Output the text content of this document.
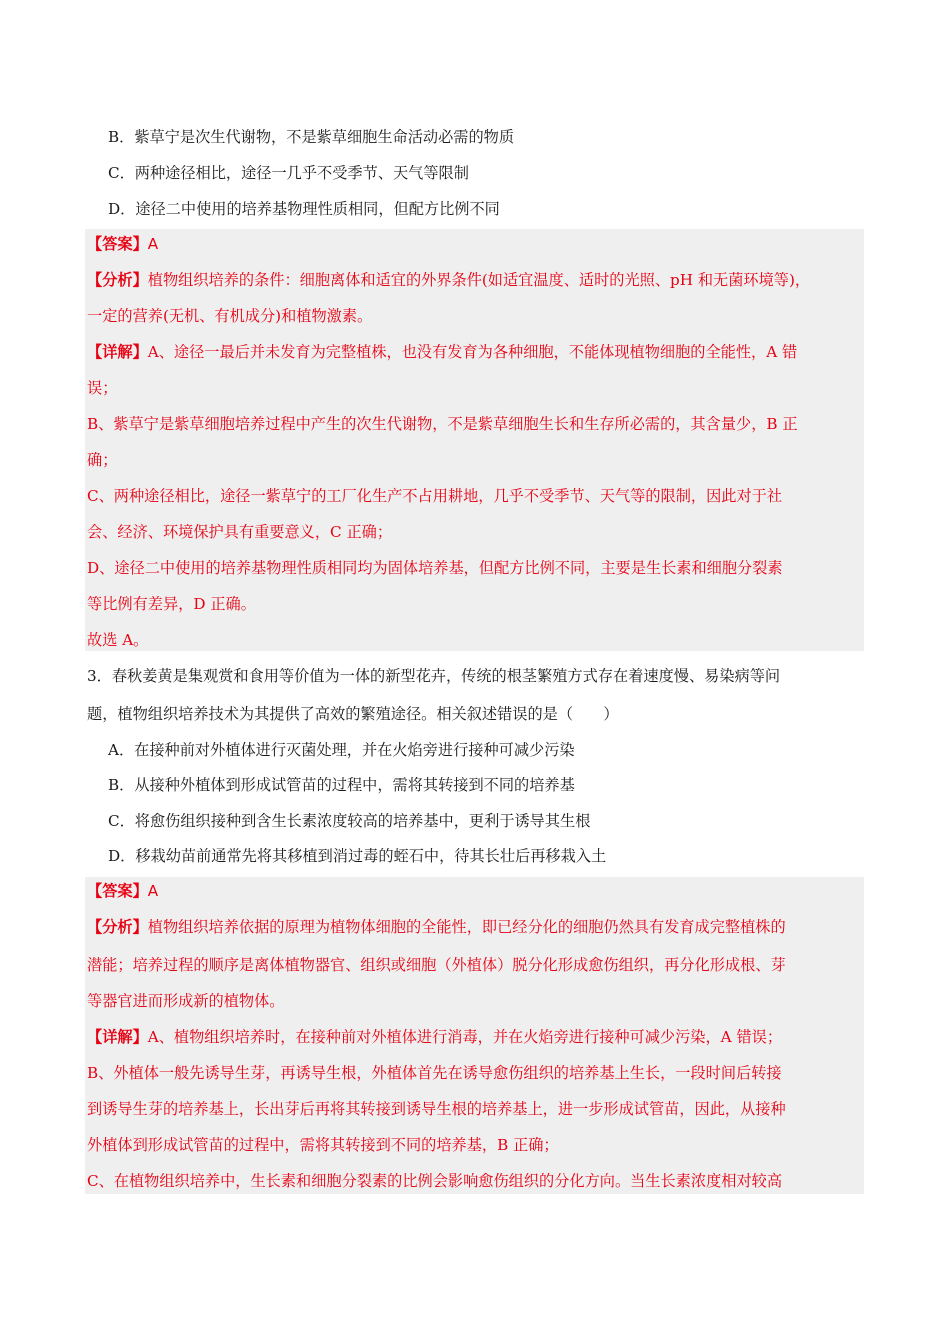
B．紫草宁是次生代谢物，不是紫草细胞生命活动必需的物质
C．两种途径相比，途径一几乎不受季节、天气等限制
D．途径二中使用的培养基物理性质相同，但配方比例不同
【答案】A
【分析】植物组织培养的条件：细胞离体和适宜的外界条件(如适宜温度、适时的光照、pH 和无菌环境等)，
一定的营养(无机、有机成分)和植物激素。
【详解】A、途径一最后并未发育为完整植株，也没有发育为各种细胞，不能体现植物细胞的全能性，A 错
误；
B、紫草宁是紫草细胞培养过程中产生的次生代谢物，不是紫草细胞生长和生存所必需的，其含量少，B 正
确；
C、两种途径相比，途径一紫草宁的工厂化生产不占用耕地，几乎不受季节、天气等的限制，因此对于社
会、经济、环境保护具有重要意义，C 正确；
D、途径二中使用的培养基物理性质相同均为固体培养基，但配方比例不同，主要是生长素和细胞分裂素
等比例有差异，D 正确。
故选 A。
3．春秋姜黄是集观赏和食用等价值为一体的新型花卉，传统的根茎繁殖方式存在着速度慢、易染病等问
题，植物组织培养技术为其提供了高效的繁殖途径。相关叙述错误的是（　　）
A．在接种前对外植体进行灭菌处理，并在火焰旁进行接种可减少污染
B．从接种外植体到形成试管苗的过程中，需将其转接到不同的培养基
C．将愈伤组织接种到含生长素浓度较高的培养基中，更利于诱导其生根
D．移栽幼苗前通常先将其移植到消过毒的蛭石中，待其长壮后再移栽入土
【答案】A
【分析】植物组织培养依据的原理为植物体细胞的全能性，即已经分化的细胞仍然具有发育成完整植株的
潜能；培养过程的顺序是离体植物器官、组织或细胞（外植体）脱分化形成愈伤组织，再分化形成根、芽
等器官进而形成新的植物体。
【详解】A、植物组织培养时，在接种前对外植体进行消毒，并在火焰旁进行接种可减少污染，A 错误；
B、外植体一般先诱导生芽，再诱导生根，外植体首先在诱导愈伤组织的培养基上生长，一段时间后转接
到诱导生芽的培养基上，长出芽后再将其转接到诱导生根的培养基上，进一步形成试管苗，因此，从接种
外植体到形成试管苗的过程中，需将其转接到不同的培养基，B 正确；
C、在植物组织培养中，生长素和细胞分裂素的比例会影响愈伤组织的分化方向。当生长素浓度相对较高
